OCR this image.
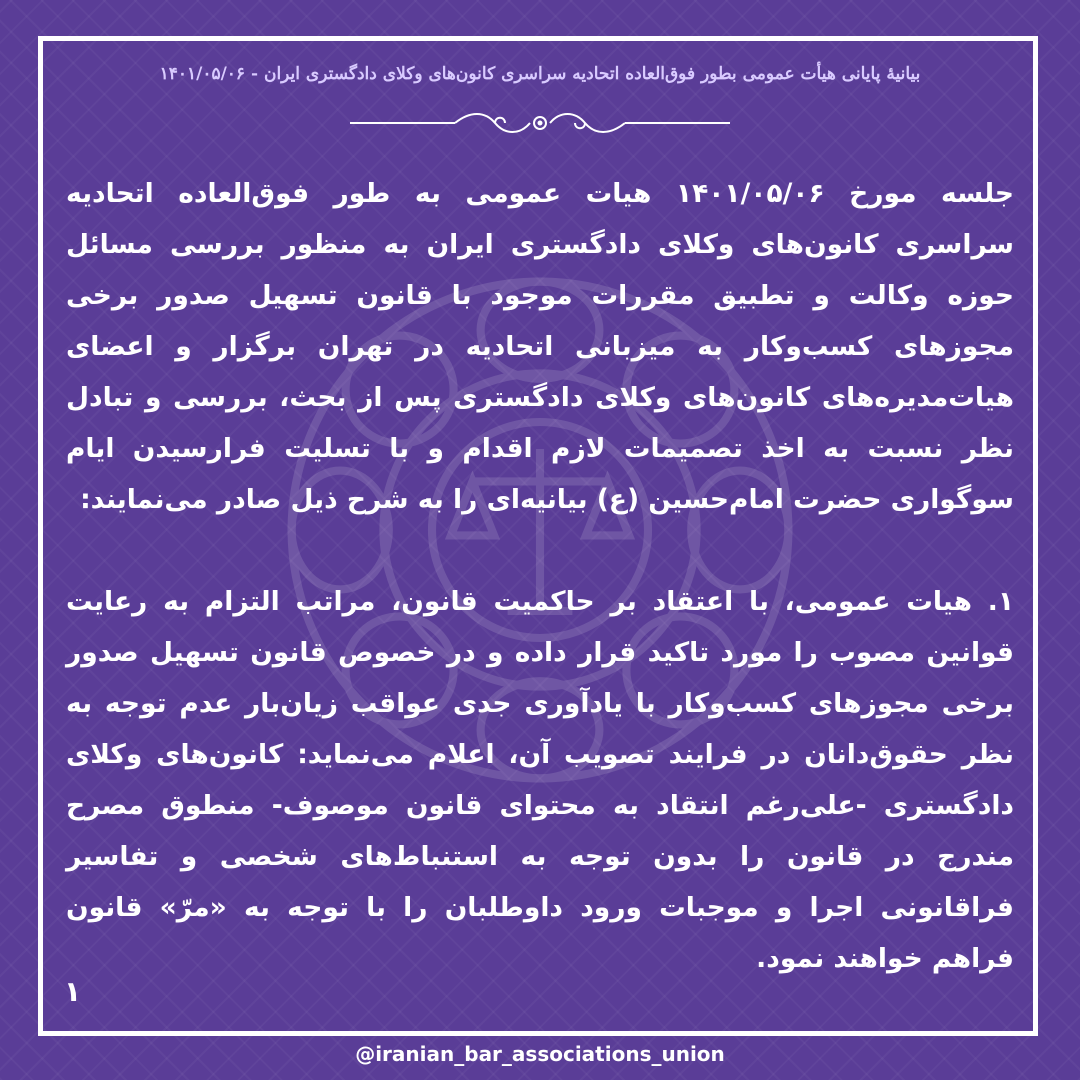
بیانیهٔ پایانی هیأت عمومی بطور فوق‌العاده اتحادیه سراسری کانون‌های وکلای دادگستری ایران - ۱۴۰۱/۰۵/۰۶

جلسه مورخ ۱۴۰۱/۰۵/۰۶ هیات عمومی به طور فوق‌العاده اتحادیه سراسری کانون‌های وکلای دادگستری ایران به منظور بررسی مسائل حوزه وکالت و تطبیق مقررات موجود با قانون تسهیل صدور برخی مجوزهای کسب‌وکار به میزبانی اتحادیه در تهران برگزار و اعضای هیات‌مدیره‌های کانون‌های وکلای دادگستری پس از بحث، بررسی و تبادل نظر نسبت به اخذ تصمیمات لازم اقدام و با تسلیت فرارسیدن ایام سوگواری حضرت امام‌حسین (ع) بیانیه‌ای را به شرح ذیل صادر می‌نمایند:

۱. هیات عمومی، با اعتقاد بر حاکمیت قانون، مراتب التزام به رعایت قوانین مصوب را مورد تاکید قرار داده و در خصوص قانون تسهیل صدور برخی مجوزهای کسب‌وکار با یادآوری جدی عواقب زیان‌بار عدم توجه به نظر حقوق‌دانان در فرایند تصویب آن، اعلام می‌نماید: کانون‌های وکلای دادگستری -علی‌رغم انتقاد به محتوای قانون موصوف- منطوق مصرح مندرج در قانون را بدون توجه به استنباط‌های شخصی و تفاسیر فراقانونی اجرا و موجبات ورود داوطلبان را با توجه به «مرّ» قانون فراهم خواهند نمود.

۱
@iranian_bar_associations_union
